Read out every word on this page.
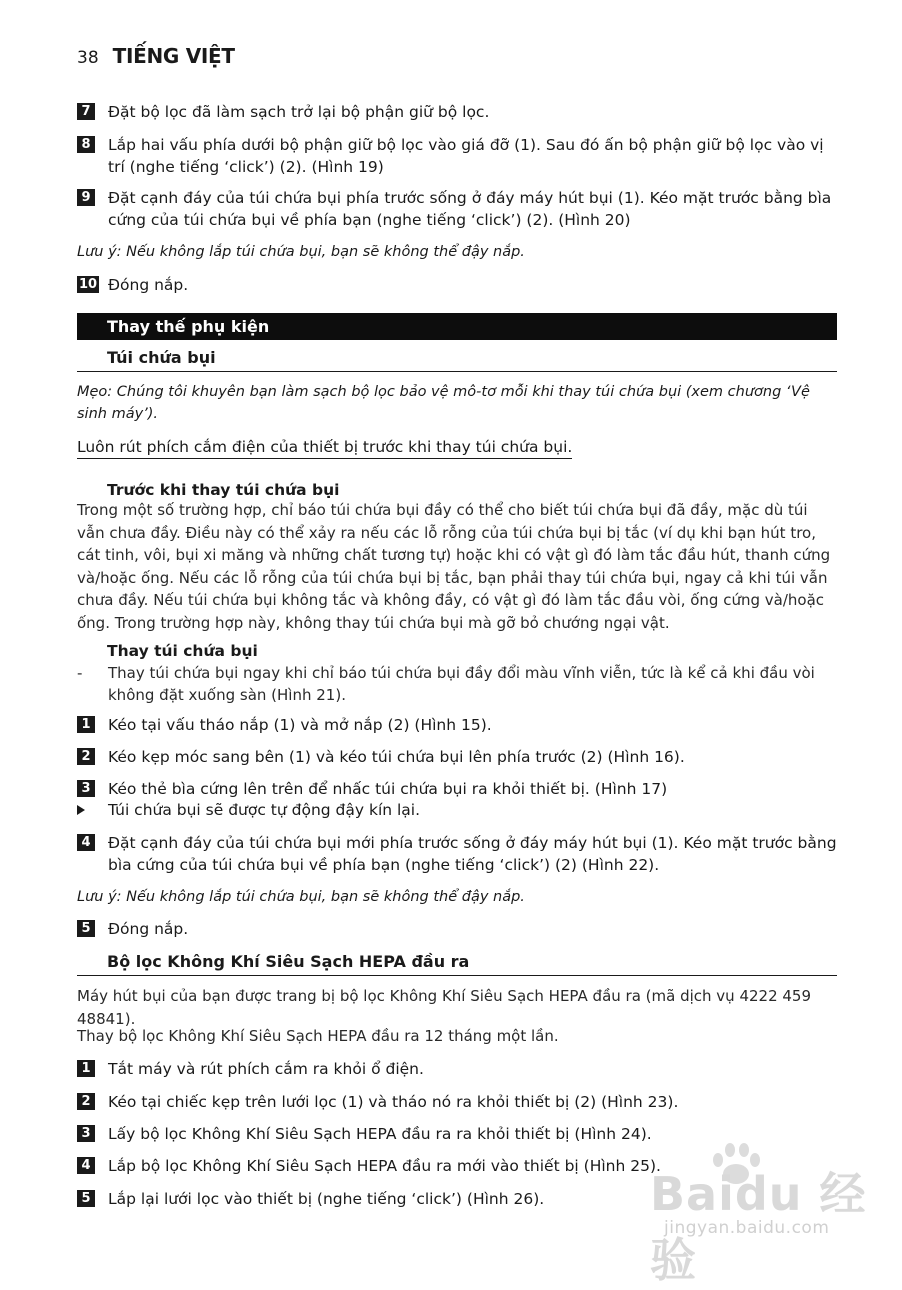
38 TIẾNG VIỆT
7	Đặt bộ lọc đã làm sạch trở lại bộ phận giữ bộ lọc.
8	Lắp hai vấu phía dưới bộ phận giữ bộ lọc vào giá đỡ (1). Sau đó ấn bộ phận giữ bộ lọc vào vị trí (nghe tiếng ‘click’) (2). (Hình 19)
9	Đặt cạnh đáy của túi chứa bụi phía trước sống ở đáy máy hút bụi (1). Kéo mặt trước bằng bìa cứng của túi chứa bụi về phía bạn (nghe tiếng ‘click’) (2). (Hình 20)
Lưu ý: Nếu không lắp túi chứa bụi, bạn sẽ không thể đậy nắp.
10 Đóng nắp.
Thay thế phụ kiện
Túi chứa bụi
Mẹo: Chúng tôi khuyên bạn làm sạch bộ lọc bảo vệ mô-tơ mỗi khi thay túi chứa bụi (xem chương ‘Vệ sinh máy’).
Luôn rút phích cắm điện của thiết bị trước khi thay túi chứa bụi.
Trước khi thay túi chứa bụi
Trong một số trường hợp, chỉ báo túi chứa bụi đầy có thể cho biết túi chứa bụi đã đầy, mặc dù túi vẫn chưa đầy. Điều này có thể xảy ra nếu các lỗ rỗng của túi chứa bụi bị tắc (ví dụ khi bạn hút tro, cát tinh, vôi, bụi xi măng và những chất tương tự) hoặc khi có vật gì đó làm tắc đầu hút, thanh cứng và/hoặc ống. Nếu các lỗ rỗng của túi chứa bụi bị tắc, bạn phải thay túi chứa bụi, ngay cả khi túi vẫn chưa đầy. Nếu túi chứa bụi không tắc và không đầy, có vật gì đó làm tắc đầu vòi, ống cứng và/hoặc ống. Trong trường hợp này, không thay túi chứa bụi mà gỡ bỏ chướng ngại vật.
Thay túi chứa bụi
-	Thay túi chứa bụi ngay khi chỉ báo túi chứa bụi đầy đổi màu vĩnh viễn, tức là kể cả khi đầu vòi không đặt xuống sàn (Hình 21).
1	Kéo tại vấu tháo nắp (1) và mở nắp (2) (Hình 15).
2	Kéo kẹp móc sang bên (1) và kéo túi chứa bụi lên phía trước (2) (Hình 16).
3	Kéo thẻ bìa cứng lên trên để nhấc túi chứa bụi ra khỏi thiết bị. (Hình 17)
Túi chứa bụi sẽ được tự động đậy kín lại.
4	Đặt cạnh đáy của túi chứa bụi mới phía trước sống ở đáy máy hút bụi (1). Kéo mặt trước bằng bìa cứng của túi chứa bụi về phía bạn (nghe tiếng ‘click’) (2) (Hình 22).
Lưu ý: Nếu không lắp túi chứa bụi, bạn sẽ không thể đậy nắp.
5	Đóng nắp.
Bộ lọc Không Khí Siêu Sạch HEPA đầu ra
Máy hút bụi của bạn được trang bị bộ lọc Không Khí Siêu Sạch HEPA đầu ra (mã dịch vụ 4222 459 48841).
Thay bộ lọc Không Khí Siêu Sạch HEPA đầu ra 12 tháng một lần.
1	Tắt máy và rút phích cắm ra khỏi ổ điện.
2	Kéo tại chiếc kẹp trên lưới lọc (1) và tháo nó ra khỏi thiết bị (2) (Hình 23).
3	Lấy bộ lọc Không Khí Siêu Sạch HEPA đầu ra ra khỏi thiết bị (Hình 24).
4	Lắp bộ lọc Không Khí Siêu Sạch HEPA đầu ra mới vào thiết bị (Hình 25).
5	Lắp lại lưới lọc vào thiết bị (nghe tiếng ‘click’) (Hình 26).	Baidu 经验
jingyan.baidu.com
